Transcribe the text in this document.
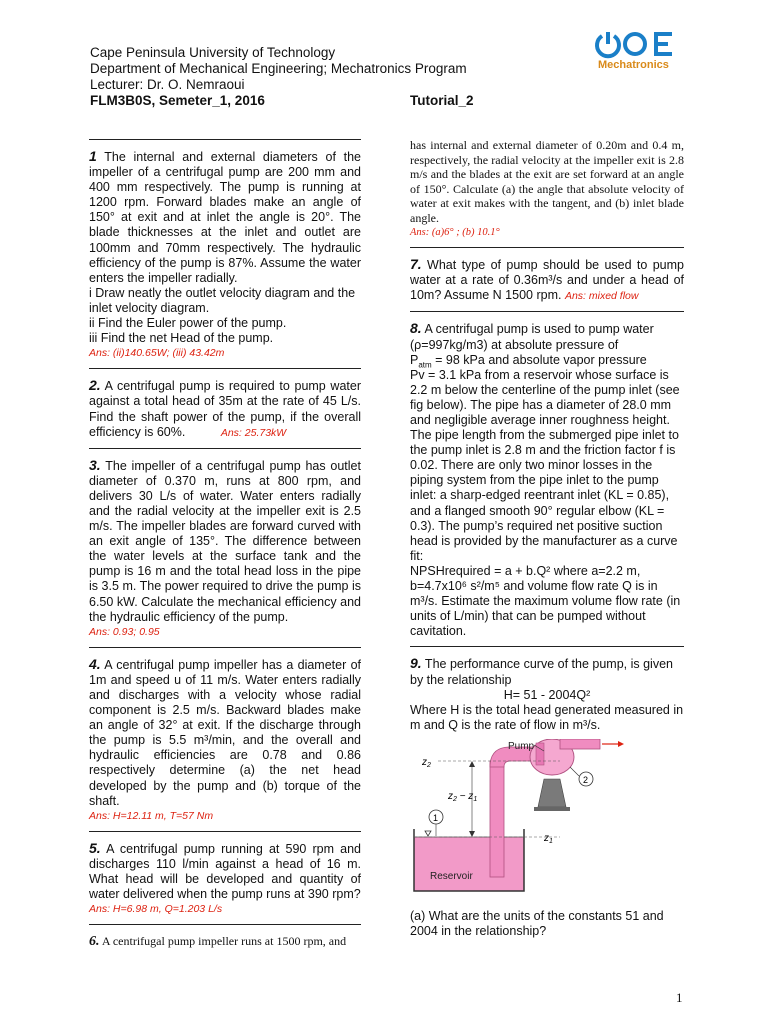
Cape Peninsula University of Technology
Department of Mechanical Engineering; Mechatronics Program
Lecturer: Dr. O. Nemraoui
FLM3B0S, Semeter_1, 2016	Tutorial_2
Mechatronics
1 The internal and external diameters of the impeller of a centrifugal pump are 200 mm and 400 mm respectively. The pump is running at 1200 rpm. Forward blades make an angle of 150° at exit and at inlet the angle is 20°. The blade thicknesses at the inlet and outlet are 100mm and 70mm respectively. The hydraulic efficiency of the pump is 87%. Assume the water enters the impeller radially.
i Draw neatly the outlet velocity diagram and the inlet velocity diagram.
ii Find the Euler power of the pump.
iii Find the net Head of the pump.
Ans: (ii)140.65W; (iii) 43.42m
2. A centrifugal pump is required to pump water against a total head of 35m at the rate of 45 L/s. Find the shaft power of the pump, if the overall efficiency is 60%.	Ans: 25.73kW
3. The impeller of a centrifugal pump has outlet diameter of 0.370 m, runs at 800 rpm, and delivers 30 L/s of water. Water enters radially and the radial velocity at the impeller exit is 2.5 m/s. The impeller blades are forward curved with an exit angle of 135°. The difference between the water levels at the surface tank and the pump is 16 m and the total head loss in the pipe is 3.5 m. The power required to drive the pump is 6.50 kW. Calculate the mechanical efficiency and the hydraulic efficiency of the pump.
Ans: 0.93; 0.95
4. A centrifugal pump impeller has a diameter of 1m and speed u of 11 m/s. Water enters radially and discharges with a velocity whose radial component is 2.5 m/s. Backward blades make an angle of 32° at exit. If the discharge through the pump is 5.5 m³/min, and the overall and hydraulic efficiencies are 0.78 and 0.86 respectively determine (a) the net head developed by the pump and (b) torque of the shaft.
Ans: H=12.11 m, T=57 Nm
5. A centrifugal pump running at 590 rpm and discharges 110 l/min against a head of 16 m. What head will be developed and quantity of water delivered when the pump runs at 390 rpm?
Ans: H=6.98 m, Q=1.203 L/s
6. A centrifugal pump impeller runs at 1500 rpm, and
has internal and external diameter of 0.20m and 0.4 m, respectively, the radial velocity at the impeller exit is 2.8 m/s and the blades at the exit are set forward at an angle of 150°. Calculate (a) the angle that absolute velocity of water at exit makes with the tangent, and (b) inlet blade angle.
Ans: (a)6° ; (b) 10.1°
7. What type of pump should be used to pump water at a rate of 0.36m³/s and under a head of 10m? Assume N 1500 rpm. Ans: mixed flow
8. A centrifugal pump is used to pump water (ρ=997kg/m3) at absolute pressure of
$P_{atm} = 98$ kPa and absolute vapor pressure
Pv = 3.1 kPa from a reservoir whose surface is 2.2 m below the centerline of the pump inlet (see fig below). The pipe has a diameter of 28.0 mm and negligible average inner roughness height. The pipe length from the submerged pipe inlet to the pump inlet is 2.8 m and the friction factor f is 0.02. There are only two minor losses in the piping system from the pipe inlet to the pump inlet: a sharp-edged reentrant inlet (KL = 0.85), and a flanged smooth 90° regular elbow (KL = 0.3). The pump’s required net positive suction head is provided by the manufacturer as a curve fit:
NPSHrequired = a + b.Q² where a=2.2 m, b=4.7x10⁶ s²/m⁵ and volume flow rate Q is in m³/s. Estimate the maximum volume flow rate (in units of L/min) that can be pumped without cavitation.
9. The performance curve of the pump, is given by the relationship
H= 51 - 2004Q²
Where H is the total head generated measured in m and Q is the rate of flow in m³/s.
Reservoir
Pump
2
1
$z_2$
$z_2 - z_1$
$z_1$
(a) What are the units of the constants 51 and 2004 in the relationship?
1
